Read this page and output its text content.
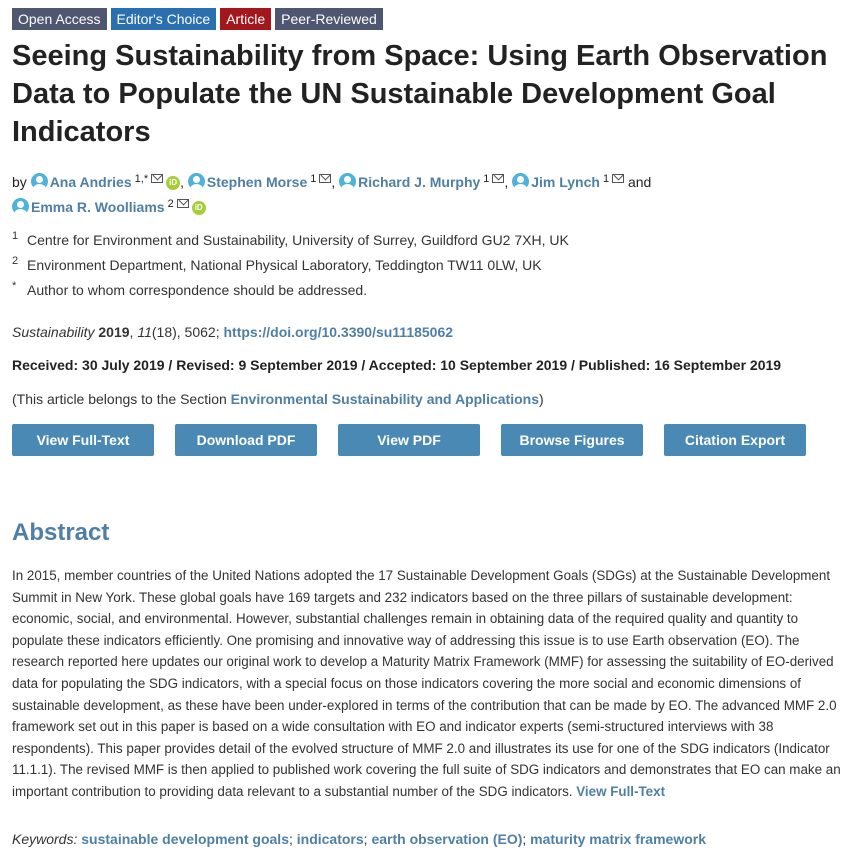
Open Access	Editor's Choice	Article	Peer-Reviewed
Seeing Sustainability from Space: Using Earth Observation Data to Populate the UN Sustainable Development Goal Indicators
by Ana Andries $^{1,*}$	iD , Stephen Morse $^1$ , Richard J. Murphy $^1$ , Jim Lynch $^1$ and
Emma R. Woolliams $^2$	iD
1 Centre for Environment and Sustainability, University of Surrey, Guildford GU2 7XH, UK
2 Environment Department, National Physical Laboratory, Teddington TW11 0LW, UK
* Author to whom correspondence should be addressed.
Sustainability 2019, 11(18), 5062; https://doi.org/10.3390/su11185062
Received: 30 July 2019 / Revised: 9 September 2019 / Accepted: 10 September 2019 / Published: 16 September 2019
(This article belongs to the Section Environmental Sustainability and Applications)
View Full-Text	Download PDF	View PDF	Browse Figures	Citation Export
Abstract

In 2015, member countries of the United Nations adopted the 17 Sustainable Development Goals (SDGs) at the Sustainable Development Summit in New York. These global goals have 169 targets and 232 indicators based on the three pillars of sustainable development: economic, social, and environmental. However, substantial challenges remain in obtaining data of the required quality and quantity to populate these indicators efficiently. One promising and innovative way of addressing this issue is to use Earth observation (EO). The research reported here updates our original work to develop a Maturity Matrix Framework (MMF) for assessing the suitability of EO-derived data for populating the SDG indicators, with a special focus on those indicators covering the more social and economic dimensions of sustainable development, as these have been under-explored in terms of the contribution that can be made by EO. The advanced MMF 2.0 framework set out in this paper is based on a wide consultation with EO and indicator experts (semi-structured interviews with 38 respondents). This paper provides detail of the evolved structure of MMF 2.0 and illustrates its use for one of the SDG indicators (Indicator 11.1.1). The revised MMF is then applied to published work covering the full suite of SDG indicators and demonstrates that EO can make an important contribution to providing data relevant to a substantial number of the SDG indicators. View Full-Text

Keywords: sustainable development goals; indicators; earth observation (EO); maturity matrix framework
